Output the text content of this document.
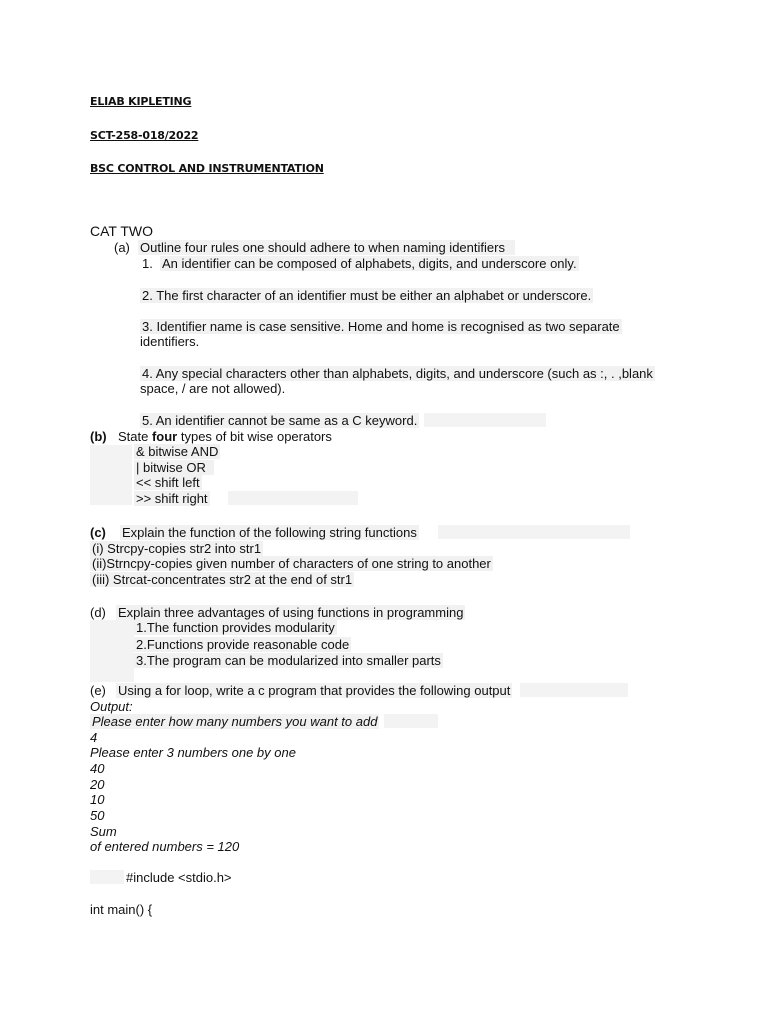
ELIAB KIPLETING
SCT-258-018/2022
BSC CONTROL AND INSTRUMENTATION
CAT TWO
(a) Outline four rules one should adhere to when naming identifiers
1. An identifier can be composed of alphabets, digits, and underscore only.
2. The first character of an identifier must be either an alphabet or underscore.
3. Identifier name is case sensitive. Home and home is recognised as two separate
identifiers.
4. Any special characters other than alphabets, digits, and underscore (such as :, . ,blank
space, / are not allowed).
5. An identifier cannot be same as a C keyword.
(b) State four types of bit wise operators
& bitwise AND
| bitwise OR
<< shift left
>> shift right
(c) Explain the function of the following string functions
(i) Strcpy-copies str2 into str1
(ii)Strncpy-copies given number of characters of one string to another
(iii) Strcat-concentrates str2 at the end of str1
(d) Explain three advantages of using functions in programming
1.The function provides modularity
2.Functions provide reasonable code
3.The program can be modularized into smaller parts
(e) Using a for loop, write a c program that provides the following output
Output:
Please enter how many numbers you want to add
4
Please enter 3 numbers one by one
40
20
10
50
Sum
of entered numbers = 120
#include <stdio.h>
int main() {
